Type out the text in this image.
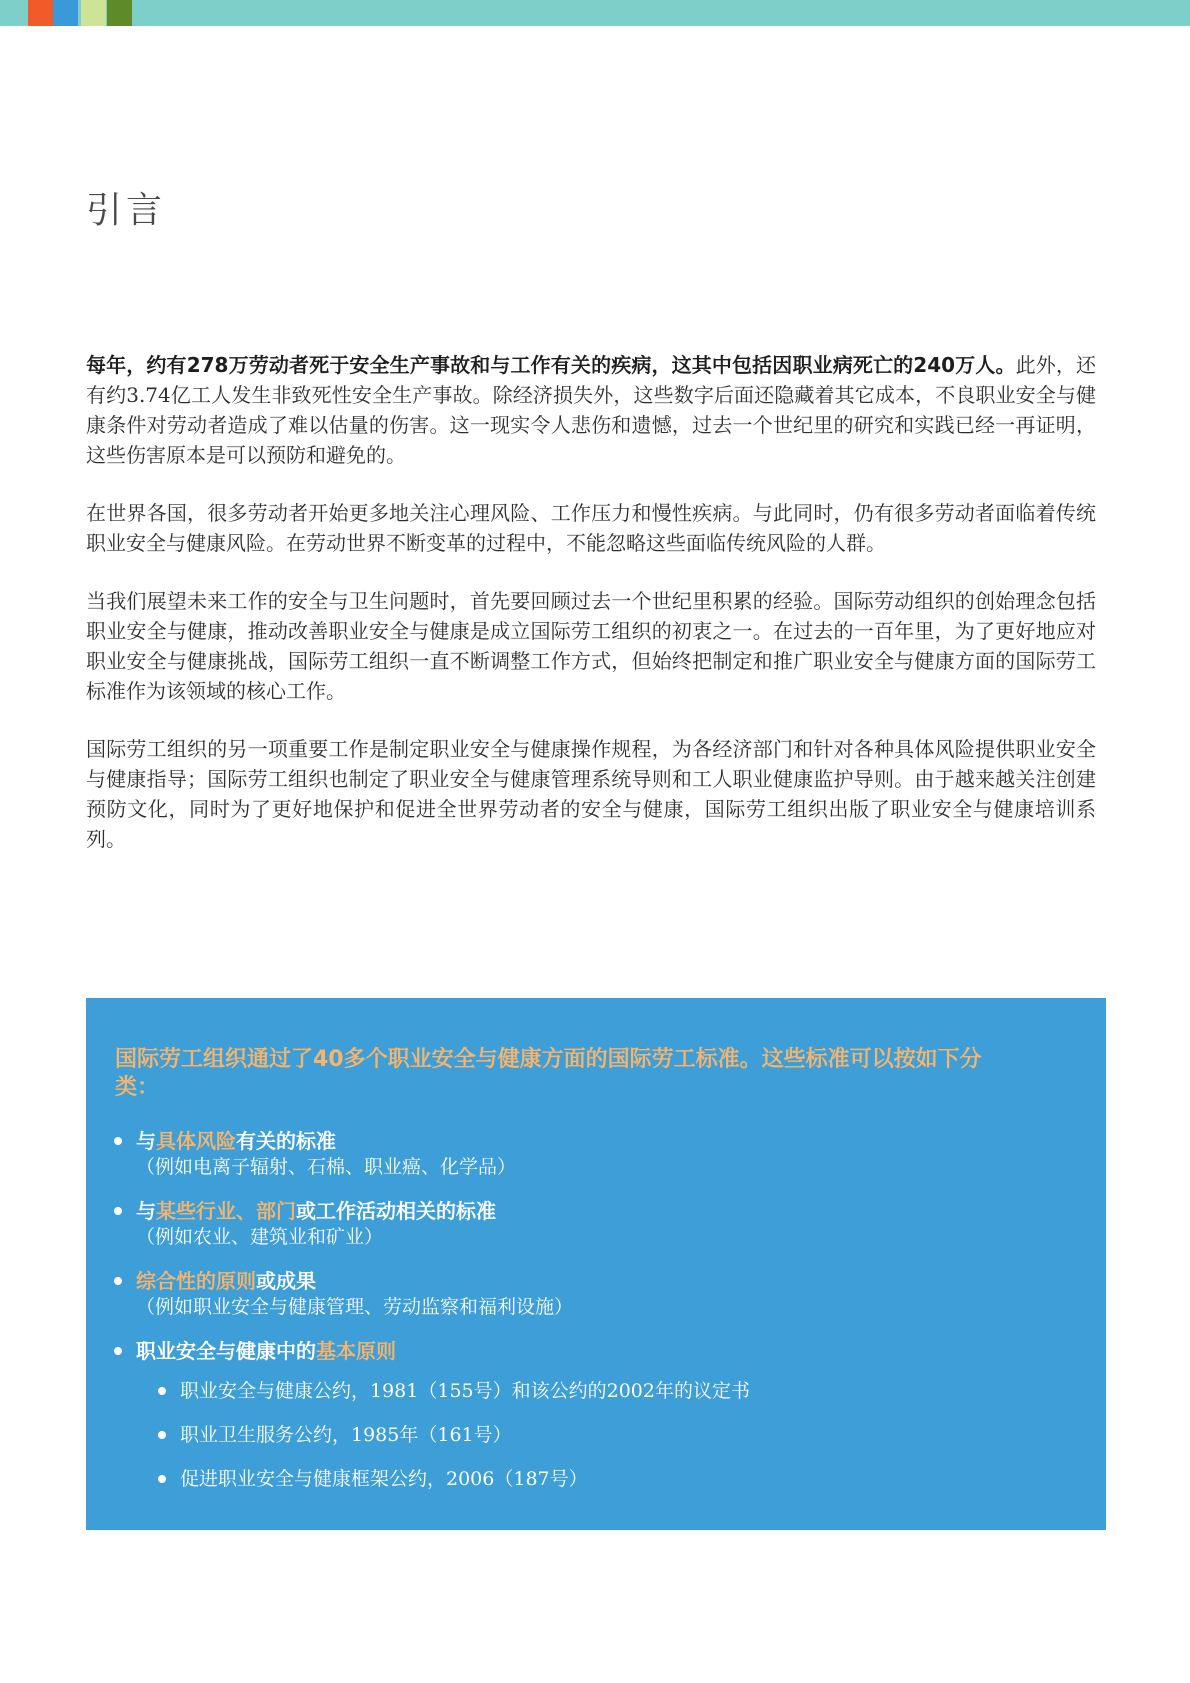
引言

每年，约有278万劳动者死于安全生产事故和与工作有关的疾病，这其中包括因职业病死亡的240万人。此外，还有约3.74亿工人发生非致死性安全生产事故。除经济损失外，这些数字后面还隐藏着其它成本，不良职业安全与健康条件对劳动者造成了难以估量的伤害。这一现实令人悲伤和遗憾，过去一个世纪里的研究和实践已经一再证明，这些伤害原本是可以预防和避免的。

在世界各国，很多劳动者开始更多地关注心理风险、工作压力和慢性疾病。与此同时，仍有很多劳动者面临着传统职业安全与健康风险。在劳动世界不断变革的过程中，不能忽略这些面临传统风险的人群。

当我们展望未来工作的安全与卫生问题时，首先要回顾过去一个世纪里积累的经验。国际劳动组织的创始理念包括职业安全与健康，推动改善职业安全与健康是成立国际劳工组织的初衷之一。在过去的一百年里，为了更好地应对职业安全与健康挑战，国际劳工组织一直不断调整工作方式，但始终把制定和推广职业安全与健康方面的国际劳工标准作为该领域的核心工作。

国际劳工组织的另一项重要工作是制定职业安全与健康操作规程，为各经济部门和针对各种具体风险提供职业安全与健康指导；国际劳工组织也制定了职业安全与健康管理系统导则和工人职业健康监护导则。由于越来越关注创建预防文化，同时为了更好地保护和促进全世界劳动者的安全与健康，国际劳工组织出版了职业安全与健康培训系列。

国际劳工组织通过了40多个职业安全与健康方面的国际劳工标准。这些标准可以按如下分类：

与具体风险有关的标准
（例如电离子辐射、石棉、职业癌、化学品）
与某些行业、部门或工作活动相关的标准
（例如农业、建筑业和矿业）
综合性的原则或成果
（例如职业安全与健康管理、劳动监察和福利设施）
职业安全与健康中的基本原则
职业安全与健康公约，1981（155号）和该公约的2002年的议定书
职业卫生服务公约，1985年（161号）
促进职业安全与健康框架公约，2006（187号）
